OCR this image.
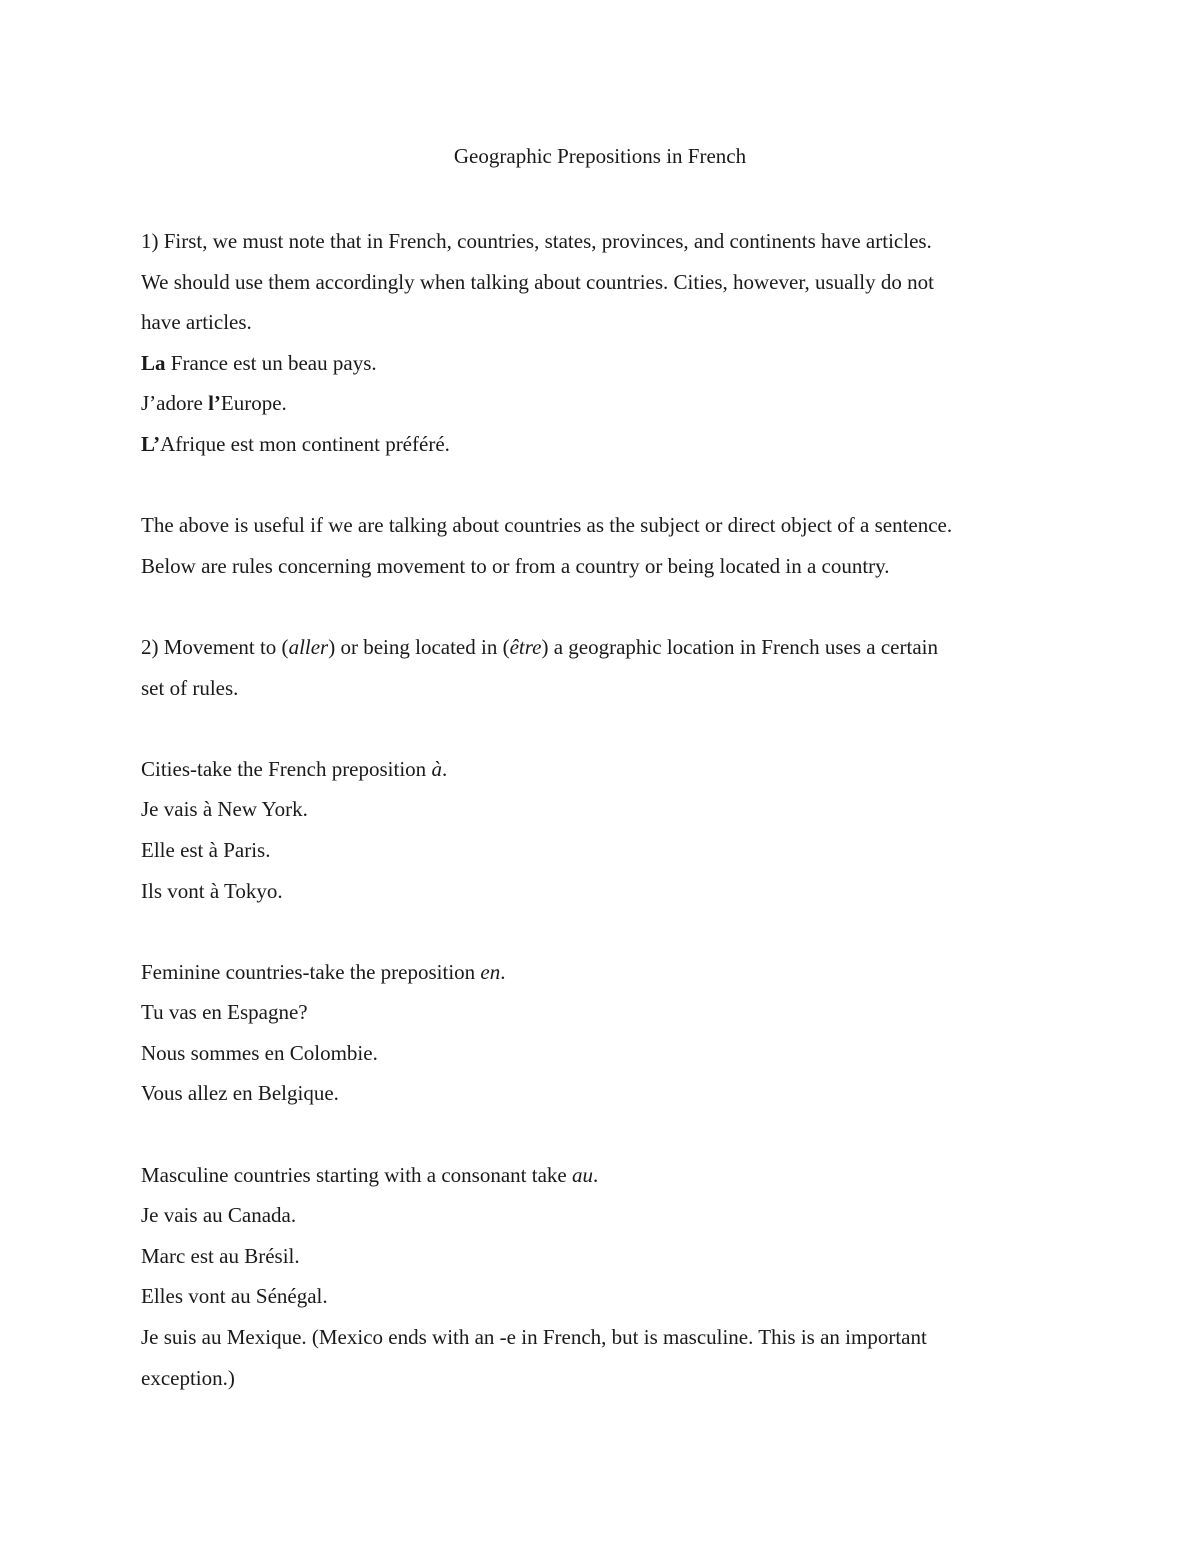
Geographic Prepositions in French
1) First, we must note that in French, countries, states, provinces, and continents have articles.
We should use them accordingly when talking about countries. Cities, however, usually do not
have articles.
La France est un beau pays.
J’adore l’Europe.
L’Afrique est mon continent préféré.
The above is useful if we are talking about countries as the subject or direct object of a sentence.
Below are rules concerning movement to or from a country or being located in a country.
2) Movement to (aller) or being located in (être) a geographic location in French uses a certain
set of rules.
Cities-take the French preposition à.
Je vais à New York.
Elle est à Paris.
Ils vont à Tokyo.
Feminine countries-take the preposition en.
Tu vas en Espagne?
Nous sommes en Colombie.
Vous allez en Belgique.
Masculine countries starting with a consonant take au.
Je vais au Canada.
Marc est au Brésil.
Elles vont au Sénégal.
Je suis au Mexique. (Mexico ends with an -e in French, but is masculine. This is an important
exception.)
